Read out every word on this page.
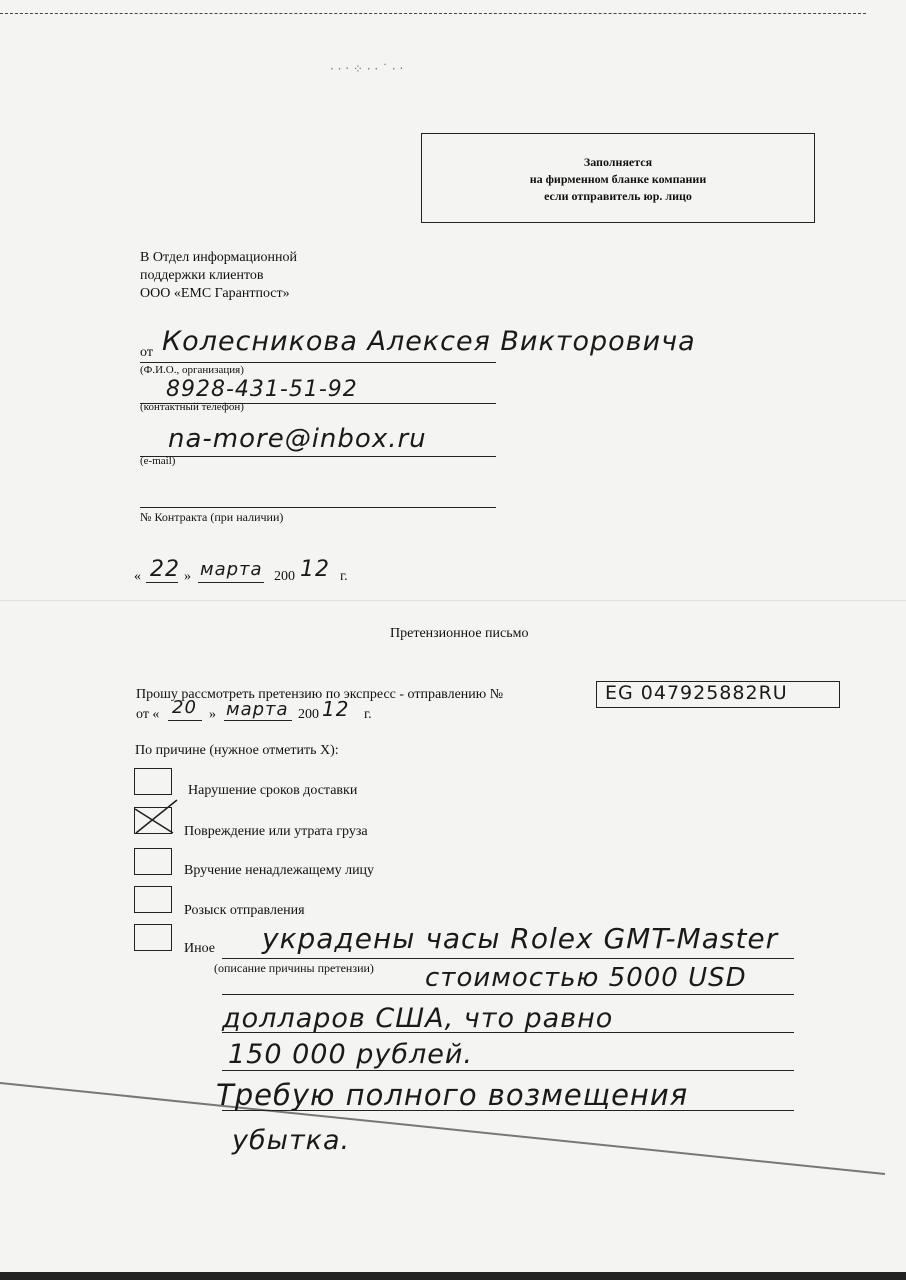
· · ‧ ⁘ · · ˙ · ‧
Заполняется
на фирменном бланке компании
если отправитель юр. лицо
В Отдел информационной
поддержки клиентов
ООО «ЕМС Гарантпост»
от Колесникова Алексея Викторовича
(Ф.И.О., организация)
8928-431-51-92
(контактный телефон)
na-more@inbox.ru
(e-mail)
№ Контракта (при наличии)
« 22 » марта 200 12 г.
Претензионное письмо
Прошу рассмотреть претензию по экспресс - отправлению №	EG 047925882RU
от « 20 » марта 200 12 г.
По причине (нужное отметить Х):
Нарушение сроков доставки
Повреждение или утрата груза
Вручение ненадлежащему лицу
Розыск отправления
Иное
(описание причины претензии)
украдены часы Rolex GMT-Master
стоимостью 5000 USD
долларов США, что равно
150 000 рублей.
Требую полного возмещения
убытка.
